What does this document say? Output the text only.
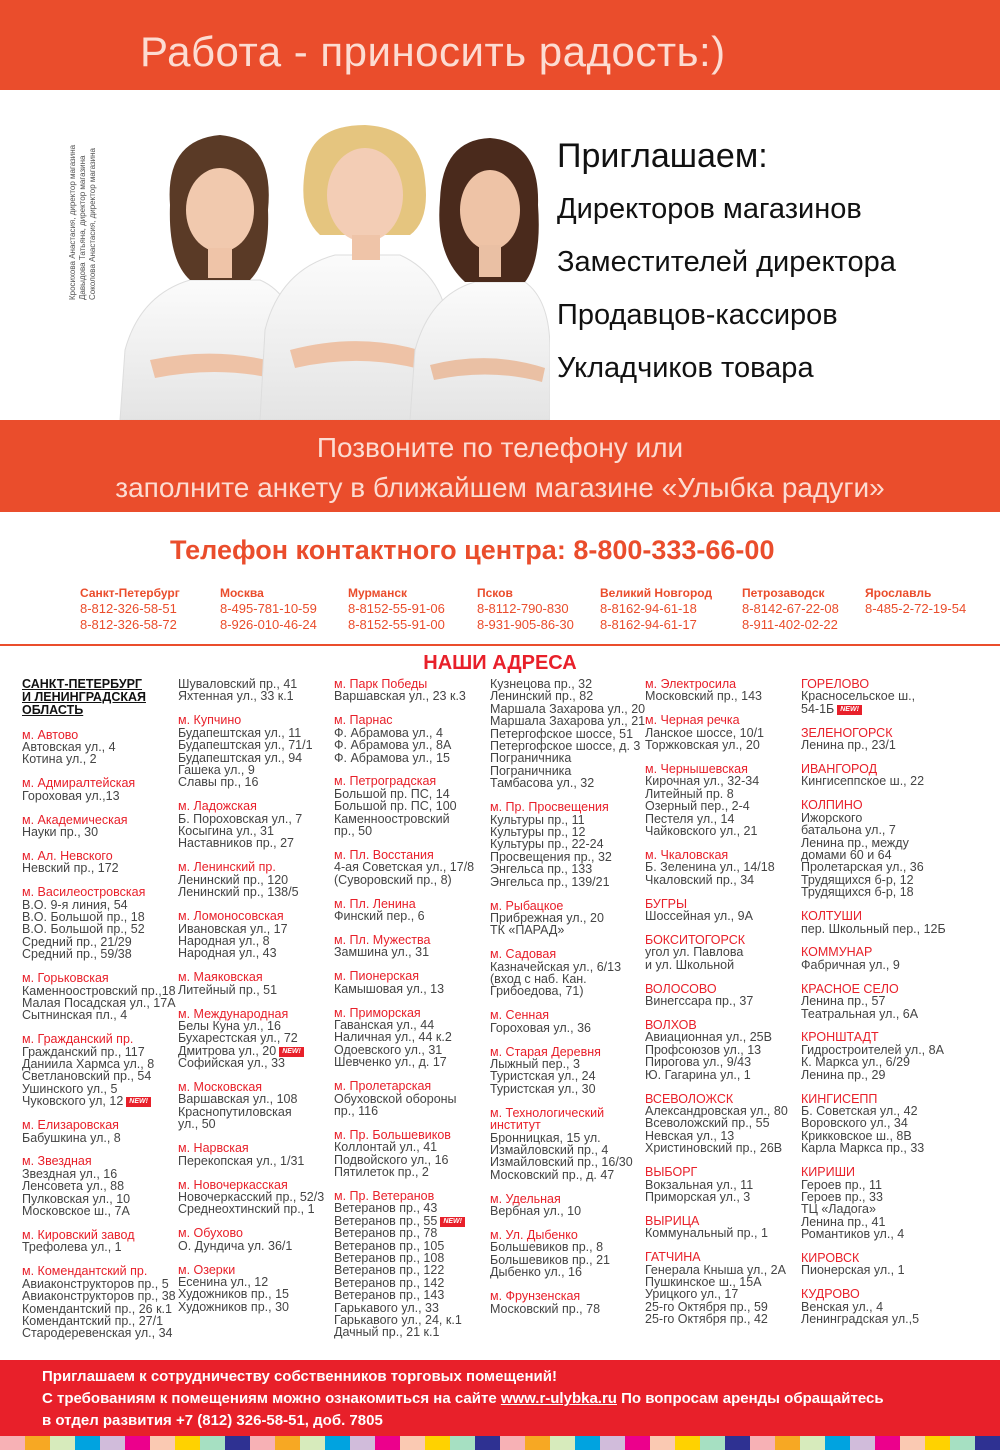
Работа - приносить радость:)
Кросихова Анастасия, директор магазина Давыдова Татьяна, директор магазина Соколова Анастасия, директор магазина	Приглашаем:
Директоров магазинов
Заместителей директора
Продавцов-кассиров
Укладчиков товара
Позвоните по телефону или
заполните анкету в ближайшем магазине «Улыбка радуги»
Телефон контактного центра: 8-800-333-66-00
Санкт-Петербург
8-812-326-58-51
8-812-326-58-72
Москва
8-495-781-10-59
8-926-010-46-24
Мурманск
8-8152-55-91-06
8-8152-55-91-00
Псков
8-8112-790-830
8-931-905-86-30
Великий Новгород
8-8162-94-61-18
8-8162-94-61-17
Петрозаводск
8-8142-67-22-08
8-911-402-02-22
Ярославль
8-485-2-72-19-54
НАШИ АДРЕСА
САНКТ-ПЕТЕРБУРГ
И ЛЕНИНГРАДСКАЯ
ОБЛАСТЬ
м. Автово
Автовская ул., 4
Котина ул., 2
м. Адмиралтейская
Гороховая ул.,13
м. Академическая
Науки пр., 30
м. Ал. Невского
Невский пр., 172
м. Василеостровская
В.О. 9-я линия, 54
В.О. Большой пр., 18
В.О. Большой пр., 52
Средний пр., 21/29
Средний пр., 59/38
м. Горьковская
Каменноостровский пр.,18
Малая Посадская ул., 17А
Сытнинская пл., 4
м. Гражданский пр.
Гражданский пр., 117
Даниила Хармса ул., 8
Светлановский пр., 54
Ушинского ул., 5
Чуковского ул, 12 NEW!
м. Елизаровская
Бабушкина ул., 8
м. Звездная
Звездная ул., 16
Ленсовета ул., 88
Пулковская ул., 10
Московское ш., 7А
м. Кировский завод
Трефолева ул., 1
м. Комендантский пр.
Авиаконструкторов пр., 5
Авиаконструкторов пр., 38
Комендантский пр., 26 к.1
Комендантский пр., 27/1
Стародеревенская ул., 34
Шуваловский пр., 41
Яхтенная ул., 33 к.1
м. Купчино
Будапештская ул., 11
Будапештская ул., 71/1
Будапештская ул., 94
Гашека ул., 9
Славы пр., 16
м. Ладожская
Б. Пороховская ул., 7
Косыгина ул., 31
Наставников пр., 27
м. Ленинский пр.
Ленинский пр., 120
Ленинский пр., 138/5
м. Ломоносовская
Ивановская ул., 17
Народная ул., 8
Народная ул., 43
м. Маяковская
Литейный пр., 51
м. Международная
Белы Куна ул., 16
Бухарестская ул., 72
Дмитрова ул., 20 NEW!
Софийская ул., 33
м. Московская
Варшавская ул., 108
Краснопутиловская
ул., 50
м. Нарвская
Перекопская ул., 1/31
м. Новочеркасская
Новочеркасский пр., 52/3
Среднеохтинский пр., 1
м. Обухово
О. Дундича ул. 36/1
м. Озерки
Есенина ул., 12
Художников пр., 15
Художников пр., 30
м. Парк Победы
Варшавская ул., 23 к.3
м. Парнас
Ф. Абрамова ул., 4
Ф. Абрамова ул., 8А
Ф. Абрамова ул., 15
м. Петроградская
Большой пр. ПС, 14
Большой пр. ПС, 100
Каменноостровский
пр., 50
м. Пл. Восстания
4-ая Советская ул., 17/8
(Суворовский пр., 8)
м. Пл. Ленина
Финский пер., 6
м. Пл. Мужества
Замшина ул., 31
м. Пионерская
Камышовая ул., 13
м. Приморская
Гаванская ул., 44
Наличная ул., 44 к.2
Одоевского ул., 31
Шевченко ул., д. 17
м. Пролетарская
Обуховской обороны
пр., 116
м. Пр. Большевиков
Коллонтай ул., 41
Подвойского ул., 16
Пятилеток пр., 2
м. Пр. Ветеранов
Ветеранов пр., 43
Ветеранов пр., 55 NEW!
Ветеранов пр., 78
Ветеранов пр., 105
Ветеранов пр., 108
Ветеранов пр., 122
Ветеранов пр., 142
Ветеранов пр., 143
Гарькавого ул., 33
Гарькавого ул., 24, к.1
Дачный пр., 21 к.1
Кузнецова пр., 32
Ленинский пр., 82
Маршала Захарова ул., 20
Маршала Захарова ул., 21
Петергофское шоссе, 51
Петергофское шоссе, д. 3
Пограничника
Пограничника
Тамбасова ул., 32
м. Пр. Просвещения
Культуры пр., 11
Культуры пр., 12
Культуры пр., 22-24
Просвещения пр., 32
Энгельса пр., 133
Энгельса пр., 139/21
м. Рыбацкое
Прибрежная ул., 20
ТК «ПАРАД»
м. Садовая
Казначейская ул., 6/13
(вход с наб. Кан.
Грибоедова, 71)
м. Сенная
Гороховая ул., 36
м. Старая Деревня
Лыжный пер., 3
Туристская ул., 24
Туристская ул., 30
м. Технологический институт
Бронницкая, 15 ул.
Измайловский пр., 4
Измайловский пр., 16/30
Московский пр., д. 47
м. Удельная
Вербная ул., 10
м. Ул. Дыбенко
Большевиков пр., 8
Большевиков пр., 21
Дыбенко ул., 16
м. Фрунзенская
Московский пр., 78
м. Электросила
Московский пр., 143
м. Черная речка
Ланское шоссе, 10/1
Торжковская ул., 20
м. Чернышевская
Кирочная ул., 32-34
Литейный пр. 8
Озерный пер., 2-4
Пестеля ул., 14
Чайковского ул., 21
м. Чкаловская
Б. Зеленина ул., 14/18
Чкаловский пр., 34
БУГРЫ
Шоссейная ул., 9А
БОКСИТОГОРСК
угол ул. Павлова
и ул. Школьной
ВОЛОСОВО
Винегссара пр., 37
ВОЛХОВ
Авиационная ул., 25В
Профсоюзов ул., 13
Пирогова ул., 9/43
Ю. Гагарина ул., 1
ВСЕВОЛОЖСК
Александровская ул., 80
Всеволожский пр., 55
Невская ул., 13
Христиновский пр., 26В
ВЫБОРГ
Вокзальная ул., 11
Приморская ул., 3
ВЫРИЦА
Коммунальный пр., 1
ГАТЧИНА
Генерала Кныша ул., 2А
Пушкинское ш., 15А
Урицкого ул., 17
25-го Октября пр., 59
25-го Октября пр., 42
ГОРЕЛОВО
Красносельское ш.,
54-1Б NEW!
ЗЕЛЕНОГОРСК
Ленина пр., 23/1
ИВАНГОРОД
Кингисеппское ш., 22
КОЛПИНО
Ижорского
батальона ул., 7
Ленина пр., между
домами 60 и 64
Пролетарская ул., 36
Трудящихся б-р, 12
Трудящихся б-р, 18
КОЛТУШИ
пер. Школьный пер., 12Б
КОММУНАР
Фабричная ул., 9
КРАСНОЕ СЕЛО
Ленина пр., 57
Театральная ул., 6А
КРОНШТАДТ
Гидростроителей ул., 8А
К. Маркса ул., 6/29
Ленина пр., 29
КИНГИСЕПП
Б. Советская ул., 42
Воровского ул., 34
Крикковское ш., 8В
Карла Маркса пр., 33
КИРИШИ
Героев пр., 11
Героев пр., 33
ТЦ «Ладога»
Ленина пр., 41
Романтиков ул., 4
КИРОВСК
Пионерская ул., 1
КУДРОВО
Венская ул., 4
Ленинградская ул.,5
Приглашаем к сотрудничеству собственников торговых помещений!
С требованиям к помещениям можно ознакомиться на сайте www.r-ulybka.ru По вопросам аренды обращайтесь
в отдел развития +7 (812) 326-58-51, доб. 7805
